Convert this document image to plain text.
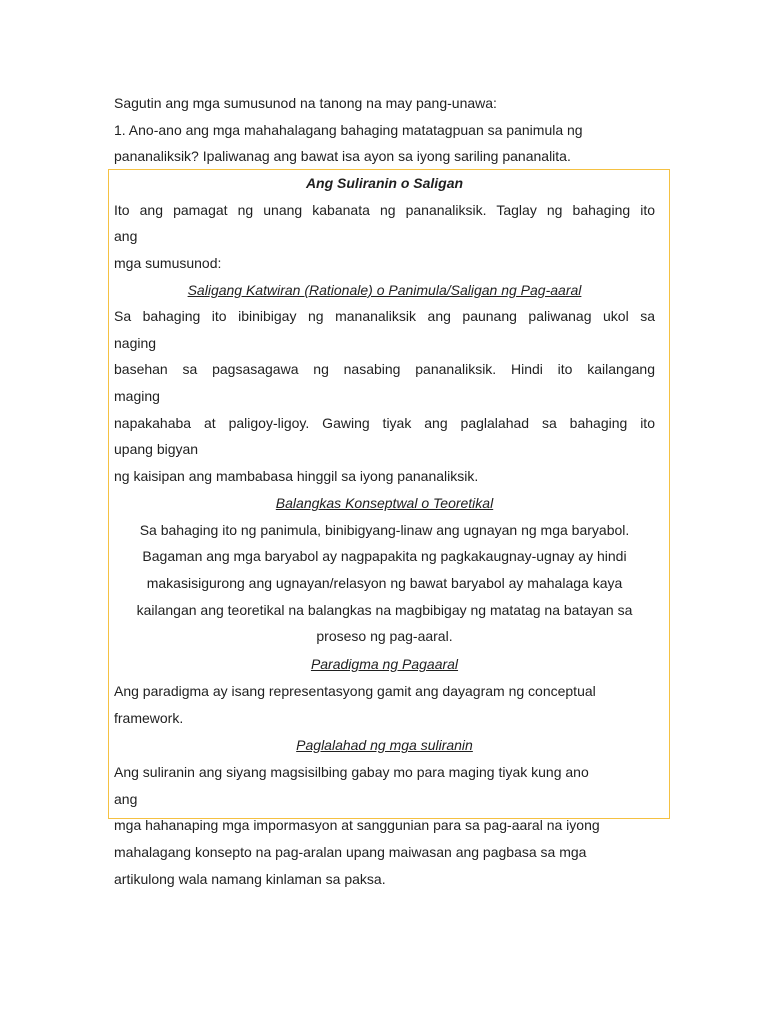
Sagutin ang mga sumusunod na tanong na may pang-unawa:
1. Ano-ano ang mga mahahalagang bahaging matatagpuan sa panimula ng
pananaliksik? Ipaliwanag ang bawat isa ayon sa iyong sariling pananalita.
Ang Suliranin o Saligan
Ito ang pamagat ng unang kabanata ng pananaliksik. Taglay ng bahaging ito
ang
mga sumusunod:
Saligang Katwiran (Rationale) o Panimula/Saligan ng Pag-aaral
Sa bahaging ito ibinibigay ng mananaliksik ang paunang paliwanag ukol sa
naging
basehan sa pagsasagawa ng nasabing pananaliksik. Hindi ito kailangang
maging
napakahaba at paligoy-ligoy. Gawing tiyak ang paglalahad sa bahaging ito
upang bigyan
ng kaisipan ang mambabasa hinggil sa iyong pananaliksik.
Balangkas Konseptwal o Teoretikal
Sa bahaging ito ng panimula, binibigyang-linaw ang ugnayan ng mga baryabol.
Bagaman ang mga baryabol ay nagpapakita ng pagkakaugnay-ugnay ay hindi
makasisigurong ang ugnayan/relasyon ng bawat baryabol ay mahalaga kaya
kailangan ang teoretikal na balangkas na magbibigay ng matatag na batayan sa
proseso ng pag-aaral.
Paradigma ng Pagaaral
Ang paradigma ay isang representasyong gamit ang dayagram ng conceptual
framework.
Paglalahad ng mga suliranin
Ang suliranin ang siyang magsisilbing gabay mo para maging tiyak kung ano
ang
mga hahanaping mga impormasyon at sanggunian para sa pag-aaral na iyong
mahalagang konsepto na pag-aralan upang maiwasan ang pagbasa sa mga
artikulong wala namang kinlaman sa paksa.
